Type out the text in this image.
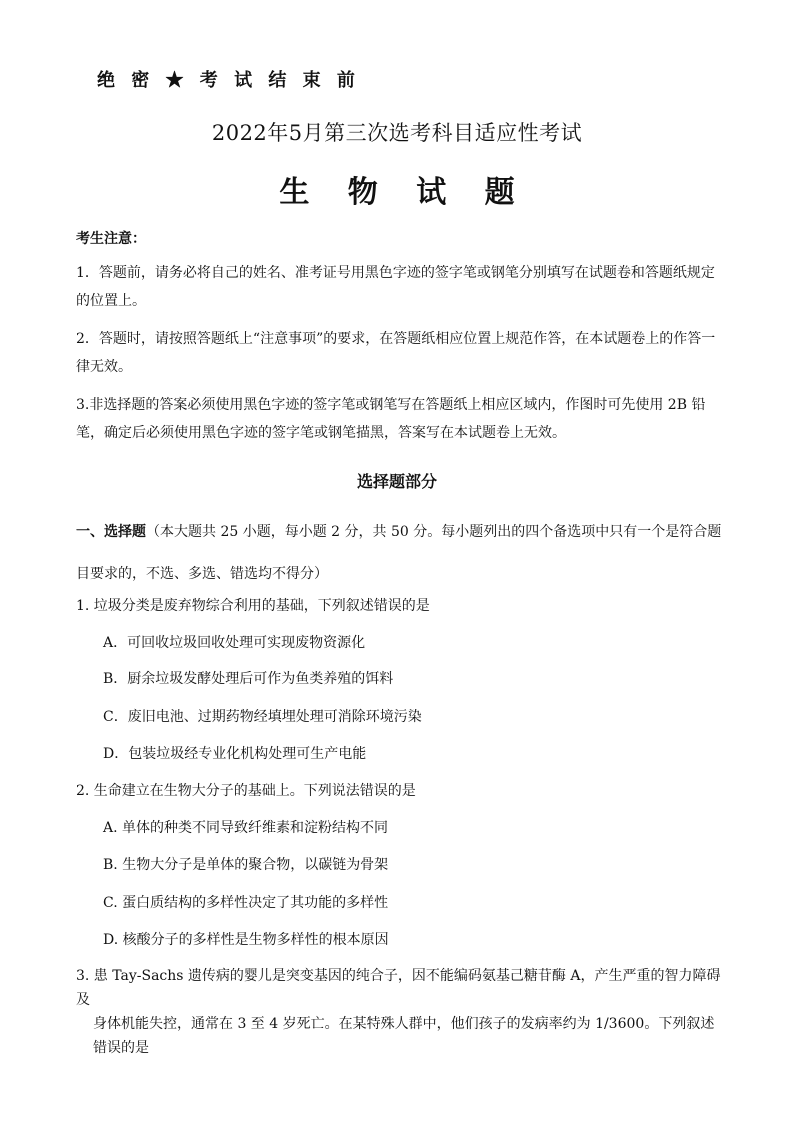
绝 密 ★ 考 试 结 束 前
2022年5月第三次选考科目适应性考试
生 物 试 题
考生注意：
1．答题前，请务必将自己的姓名、准考证号用黑色字迹的签字笔或钢笔分别填写在试题卷和答题纸规定的位置上。
2．答题时，请按照答题纸上“注意事项”的要求，在答题纸相应位置上规范作答，在本试题卷上的作答一律无效。
3.非选择题的答案必须使用黑色字迹的签字笔或钢笔写在答题纸上相应区域内，作图时可先使用 2B 铅笔，确定后必须使用黑色字迹的签字笔或钢笔描黑，答案写在本试题卷上无效。
选择题部分
一、选择题（本大题共 25 小题，每小题 2 分，共 50 分。每小题列出的四个备选项中只有一个是符合题目要求的，不选、多选、错选均不得分）
1. 垃圾分类是废弃物综合利用的基础，下列叙述错误的是
A．可回收垃圾回收处理可实现废物资源化
B．厨余垃圾发酵处理后可作为鱼类养殖的饵料
C．废旧电池、过期药物经填埋处理可消除环境污染
D．包装垃圾经专业化机构处理可生产电能
2. 生命建立在生物大分子的基础上。下列说法错误的是
A. 单体的种类不同导致纤维素和淀粉结构不同
B. 生物大分子是单体的聚合物，以碳链为骨架
C. 蛋白质结构的多样性决定了其功能的多样性
D. 核酸分子的多样性是生物多样性的根本原因
3. 患 Tay-Sachs 遗传病的婴儿是突变基因的纯合子，因不能编码氨基己糖苷酶 A，产生严重的智力障碍及
身体机能失控，通常在 3 至 4 岁死亡。在某特殊人群中，他们孩子的发病率约为 1/3600。下列叙述错误的是
